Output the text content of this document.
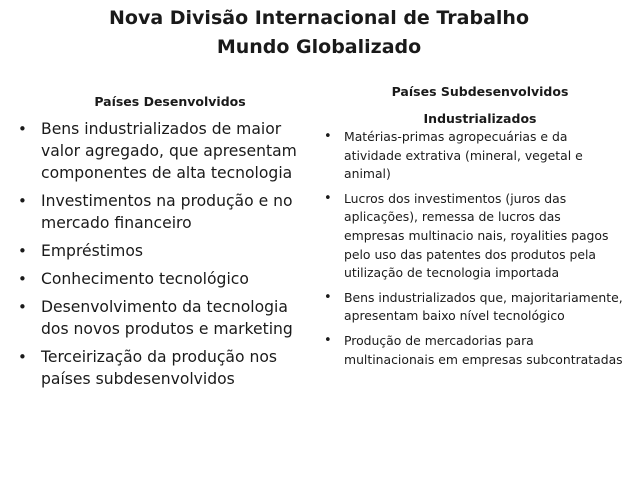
Nova Divisão Internacional de Trabalho
Mundo Globalizado
Países Desenvolvidos
Países Subdesenvolvidos
Industrializados
• Bens industrializados de maior valor agregado, que apresentam componentes de alta tecnologia
• Investimentos na produção e no mercado financeiro
• Empréstimos
• Conhecimento tecnológico
• Desenvolvimento da tecnologia dos novos produtos e marketing
• Terceirização da produção nos países subdesenvolvidos
• Matérias-primas agropecuárias e da atividade extrativa (mineral, vegetal e animal)
• Lucros dos investimentos (juros das aplicações), remessa de lucros das empresas multinacio nais, royalities pagos pelo uso das patentes dos produtos pela utilização de tecnologia importada
• Bens industrializados que, majoritariamente, apresentam baixo nível tecnológico
• Produção de mercadorias para multinacionais em empresas subcontratadas
